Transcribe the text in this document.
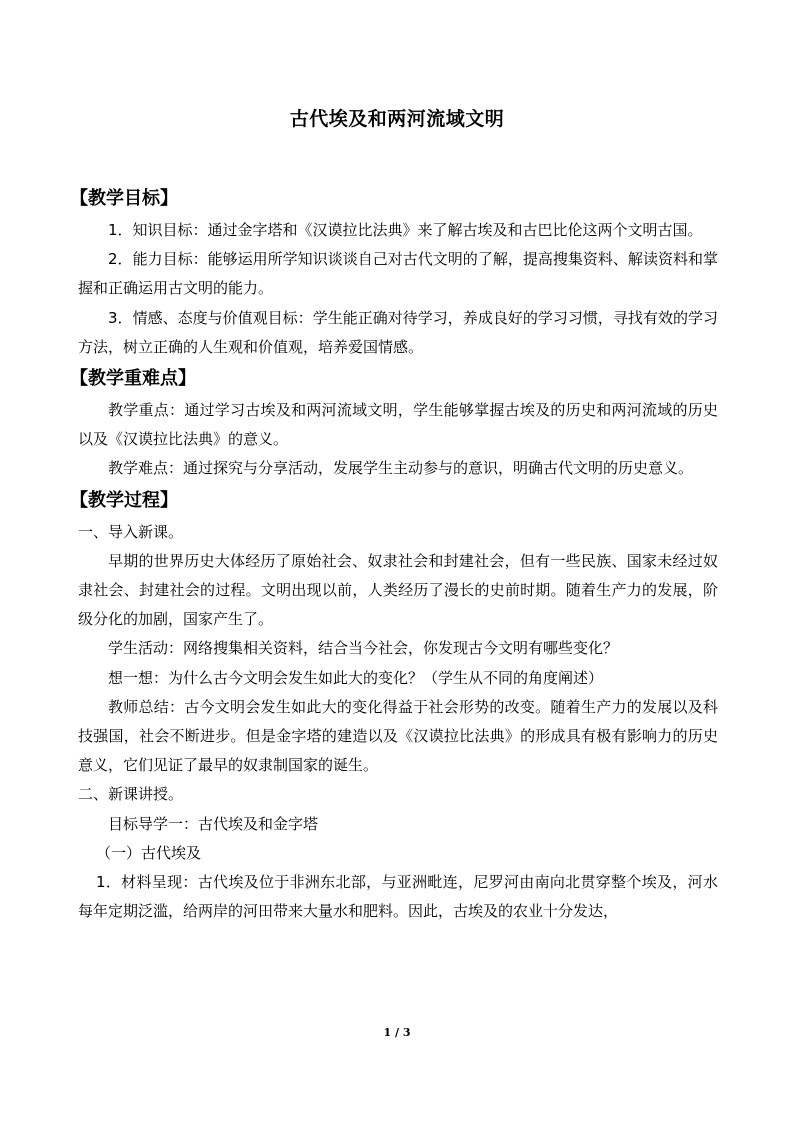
古代埃及和两河流域文明
【教学目标】

1．知识目标：通过金字塔和《汉谟拉比法典》来了解古埃及和古巴比伦这两个文明古国。

2．能力目标：能够运用所学知识谈谈自己对古代文明的了解，提高搜集资料、解读资料和掌握和正确运用古文明的能力。

3．情感、态度与价值观目标：学生能正确对待学习，养成良好的学习习惯，寻找有效的学习方法，树立正确的人生观和价值观，培养爱国情感。

【教学重难点】

教学重点：通过学习古埃及和两河流域文明，学生能够掌握古埃及的历史和两河流域的历史以及《汉谟拉比法典》的意义。

教学难点：通过探究与分享活动，发展学生主动参与的意识，明确古代文明的历史意义。

【教学过程】

一、导入新课。

早期的世界历史大体经历了原始社会、奴隶社会和封建社会，但有一些民族、国家未经过奴隶社会、封建社会的过程。文明出现以前，人类经历了漫长的史前时期。随着生产力的发展，阶级分化的加剧，国家产生了。

学生活动：网络搜集相关资料，结合当今社会，你发现古今文明有哪些变化？

想一想：为什么古今文明会发生如此大的变化？（学生从不同的角度阐述）

教师总结：古今文明会发生如此大的变化得益于社会形势的改变。随着生产力的发展以及科技强国，社会不断进步。但是金字塔的建造以及《汉谟拉比法典》的形成具有极有影响力的历史意义，它们见证了最早的奴隶制国家的诞生。

二、新课讲授。

目标导学一：古代埃及和金字塔

（一）古代埃及

1．材料呈现：古代埃及位于非洲东北部，与亚洲毗连，尼罗河由南向北贯穿整个埃及，河水每年定期泛滥，给两岸的河田带来大量水和肥料。因此，古埃及的农业十分发达，

1 / 3
